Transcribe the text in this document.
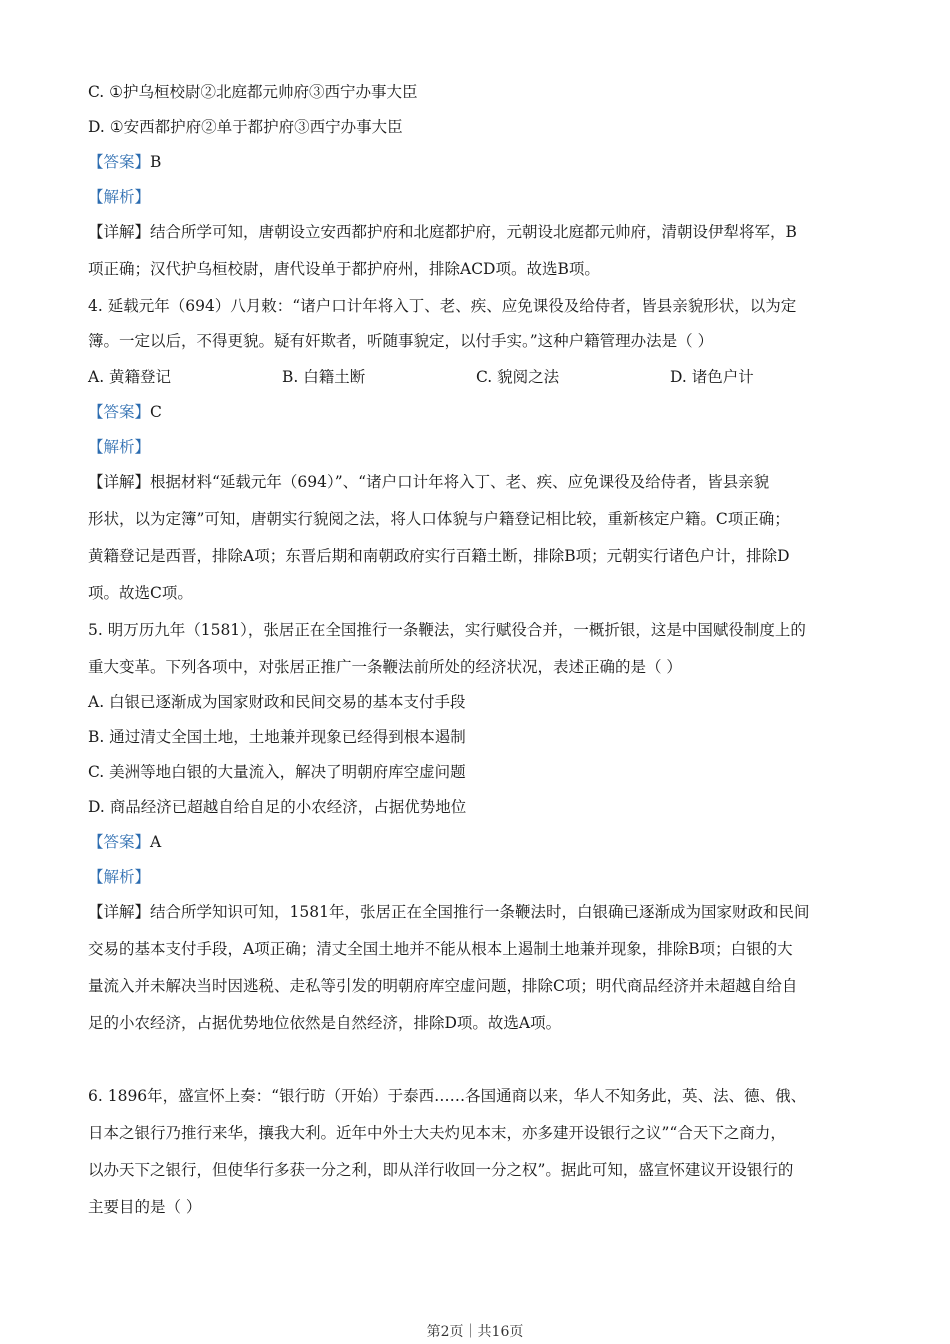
C. ①护乌桓校尉②北庭都元帅府③西宁办事大臣
D. ①安西都护府②单于都护府③西宁办事大臣
【答案】B
【解析】
【详解】结合所学可知，唐朝设立安西都护府和北庭都护府，元朝设北庭都元帅府，清朝设伊犁将军，B
项正确；汉代护乌桓校尉，唐代设单于都护府州，排除ACD项。故选B项。
4. 延载元年（694）八月敕：“诸户口计年将入丁、老、疾、应免课役及给侍者，皆县亲貌形状，以为定
簿。一定以后，不得更貌。疑有奸欺者，听随事貌定，以付手实。”这种户籍管理办法是（ ）
A. 黄籍登记	B. 白籍土断	C. 貌阅之法	D. 诸色户计
【答案】C
【解析】
【详解】根据材料“延载元年（694）”、“诸户口计年将入丁、老、疾、应免课役及给侍者，皆县亲貌
形状，以为定簿”可知，唐朝实行貌阅之法，将人口体貌与户籍登记相比较，重新核定户籍。C项正确；
黄籍登记是西晋，排除A项；东晋后期和南朝政府实行百籍土断，排除B项；元朝实行诸色户计，排除D
项。故选C项。
5. 明万历九年（1581），张居正在全国推行一条鞭法，实行赋役合并，一概折银，这是中国赋役制度上的
重大变革。下列各项中，对张居正推广一条鞭法前所处的经济状况，表述正确的是（ ）
A. 白银已逐渐成为国家财政和民间交易的基本支付手段
B. 通过清丈全国土地，土地兼并现象已经得到根本遏制
C. 美洲等地白银的大量流入，解决了明朝府库空虚问题
D. 商品经济已超越自给自足的小农经济，占据优势地位
【答案】A
【解析】
【详解】结合所学知识可知，1581年，张居正在全国推行一条鞭法时，白银确已逐渐成为国家财政和民间
交易的基本支付手段，A项正确；清丈全国土地并不能从根本上遏制土地兼并现象，排除B项；白银的大
量流入并未解决当时因逃税、走私等引发的明朝府库空虚问题，排除C项；明代商品经济并未超越自给自
足的小农经济，占据优势地位依然是自然经济，排除D项。故选A项。
6. 1896年，盛宣怀上奏：“银行昉（开始）于泰西……各国通商以来，华人不知务此，英、法、德、俄、
日本之银行乃推行来华，攘我大利。近年中外士大夫灼见本末，亦多建开设银行之议”“合天下之商力，
以办天下之银行，但使华行多获一分之利，即从洋行收回一分之权”。据此可知，盛宣怀建议开设银行的
主要目的是（ ）
第2页｜共16页
